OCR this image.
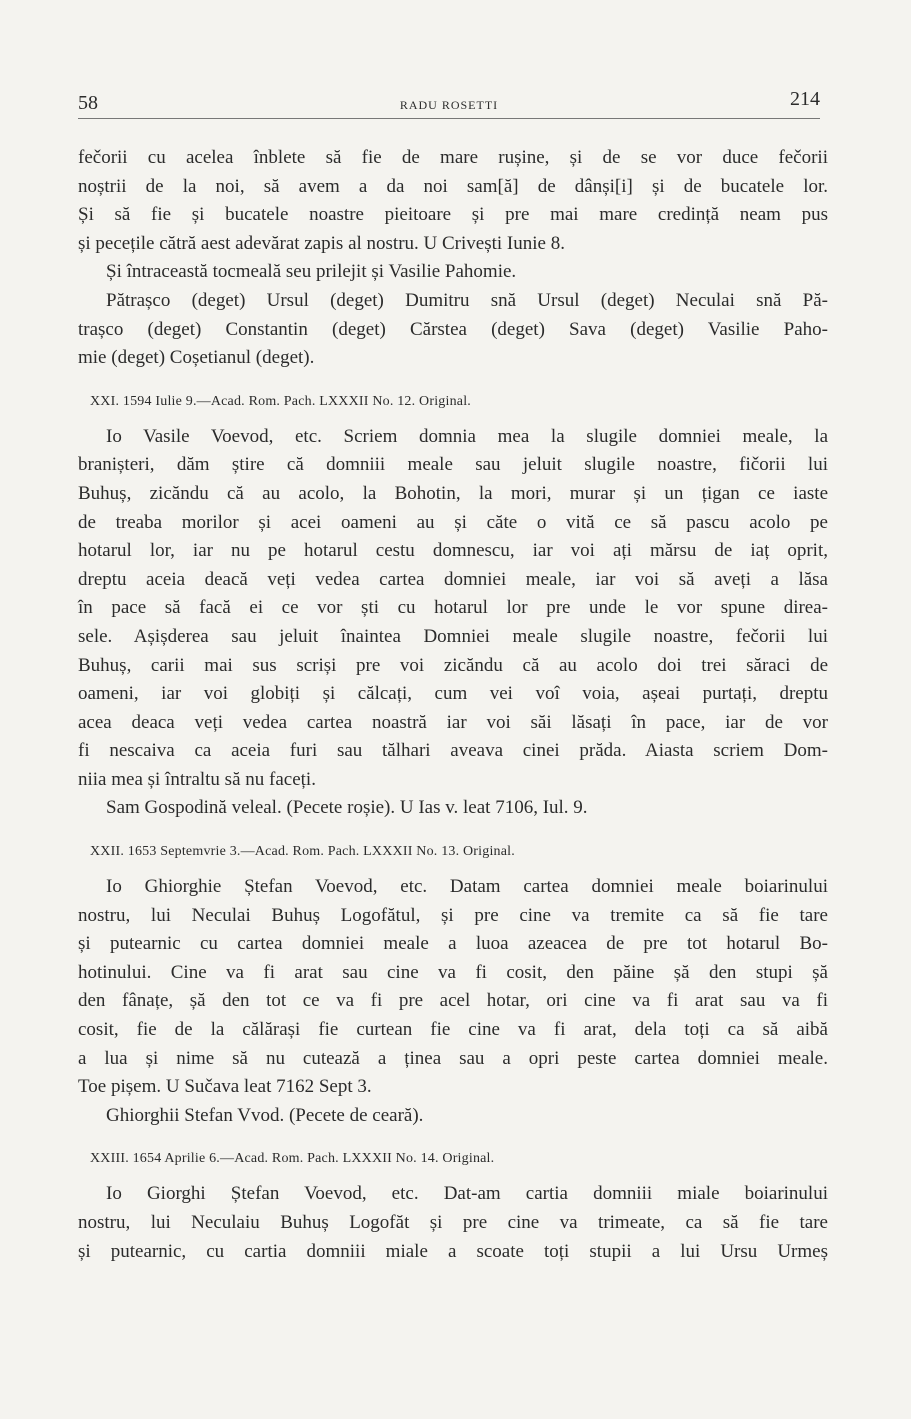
58	RADU ROSETTI	214
fečorii cu acelea înblete să fie de mare rușine, și de se vor duce fečorii
noștrii de la noi, să avem a da noi sam[ă] de dânși[i] și de bucatele lor.
Și să fie și bucatele noastre pieitoare și pre mai mare credință neam pus
și pecețile cătră aest adevărat zapis al nostru. U Crivești Iunie 8.
Și întraceastă tocmeală seu prilejit și Vasilie Pahomie.
Pătrașco (deget) Ursul (deget) Dumitru snă Ursul (deget) Neculai snă Pă-
trașco (deget) Constantin (deget) Cărstea (deget) Sava (deget) Vasilie Paho-
mie (deget) Coșetianul (deget).
XXI. 1594 Iulie 9.—Acad. Rom. Pach. LXXXII No. 12. Original.
Io Vasile Voevod, etc. Scriem domnia mea la slugile domniei meale, la
branișteri, dăm știre că domniii meale sau jeluit slugile noastre, fičorii lui
Buhuș, zicăndu că au acolo, la Bohotin, la mori, murar și un țigan ce iaste
de treaba morilor și acei oameni au și căte o vită ce să pascu acolo pe
hotarul lor, iar nu pe hotarul cestu domnescu, iar voi ați mărsu de iaț oprit,
dreptu aceia deacă veți vedea cartea domniei meale, iar voi să aveți a lăsa
în pace să facă ei ce vor ști cu hotarul lor pre unde le vor spune direa-
sele. Așișderea sau jeluit înaintea Domniei meale slugile noastre, fečorii lui
Buhuș, carii mai sus scriși pre voi zicăndu că au acolo doi trei săraci de
oameni, iar voi globiți și călcați, cum vei voî voia, așeai purtați, dreptu
acea deaca veți vedea cartea noastră iar voi săi lăsați în pace, iar de vor
fi nescaiva ca aceia furi sau tălhari aveava cinei prăda. Aiasta scriem Dom-
niia mea și întraltu să nu faceți.
Sam Gospodină veleal. (Pecete roșie). U Ias v. leat 7106, Iul. 9.
XXII. 1653 Septemvrie 3.—Acad. Rom. Pach. LXXXII No. 13. Original.
Io Ghiorghie Ștefan Voevod, etc. Datam cartea domniei meale boiarinului
nostru, lui Neculai Buhuș Logofătul, și pre cine va tremite ca să fie tare
și putearnic cu cartea domniei meale a luoa azeacea de pre tot hotarul Bo-
hotinului. Cine va fi arat sau cine va fi cosit, den păine șă den stupi șă
den fânațe, șă den tot ce va fi pre acel hotar, ori cine va fi arat sau va fi
cosit, fie de la călărași fie curtean fie cine va fi arat, dela toți ca să aibă
a lua și nime să nu cutează a ținea sau a opri peste cartea domniei meale.
Toe pișem. U Sučava leat 7162 Sept 3.
Ghiorghii Stefan Vvod. (Pecete de ceară).
XXIII. 1654 Aprilie 6.—Acad. Rom. Pach. LXXXII No. 14. Original.
Io Giorghi Ștefan Voevod, etc. Dat-am cartia domniii miale boiarinului
nostru, lui Neculaiu Buhuș Logofăt și pre cine va trimeate, ca să fie tare
și putearnic, cu cartia domniii miale a scoate toți stupii a lui Ursu Urmeș
